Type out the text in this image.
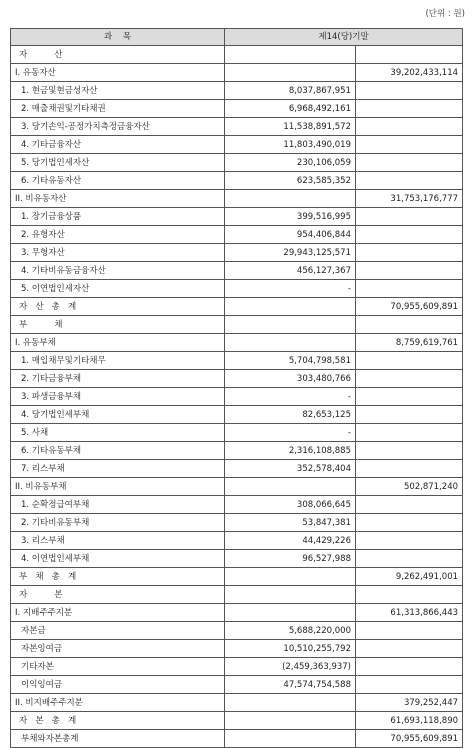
(단위 : 원)
과    목	제14(당)기말	
자          산		
I. 유동자산		39,202,433,114
1. 현금및현금성자산	8,037,867,951	
2. 매출채권및기타채권	6,968,492,161	
3. 당기손익-공정가치측정금융자산	11,538,891,572	
4. 기타금융자산	11,803,490,019	
5. 당기법인세자산	230,106,059	
6. 기타유동자산	623,585,352	
II. 비유동자산		31,753,176,777
1. 장기금융상품	399,516,995	
2. 유형자산	954,406,844	
3. 무형자산	29,943,125,571	
4. 기타비유동금융자산	456,127,367	
5. 이연법인세자산	-	
자   산   총   계		70,955,609,891
부          채		
I. 유동부채		8,759,619,761
1. 매입채무및기타채무	5,704,798,581	
2. 기타금융부채	303,480,766	
3. 파생금융부채	-	
4. 당기법인세부채	82,653,125	
5. 사채	-	
6. 기타유동부채	2,316,108,885	
7. 리스부채	352,578,404	
II. 비유동부채		502,871,240
1. 순확정급여부채	308,066,645	
2. 기타비유동부채	53,847,381	
3. 리스부채	44,429,226	
4. 이연법인세부채	96,527,988	
부   채   총   계		9,262,491,001
자          본		
I. 지배주주지분		61,313,866,443
자본금	5,688,220,000	
자본잉여금	10,510,255,792	
기타자본	(2,459,363,937)	
이익잉여금	47,574,754,588	
II. 비지배주주지분		379,252,447
자   본   총   계		61,693,118,890
부채와자본총계		70,955,609,891
